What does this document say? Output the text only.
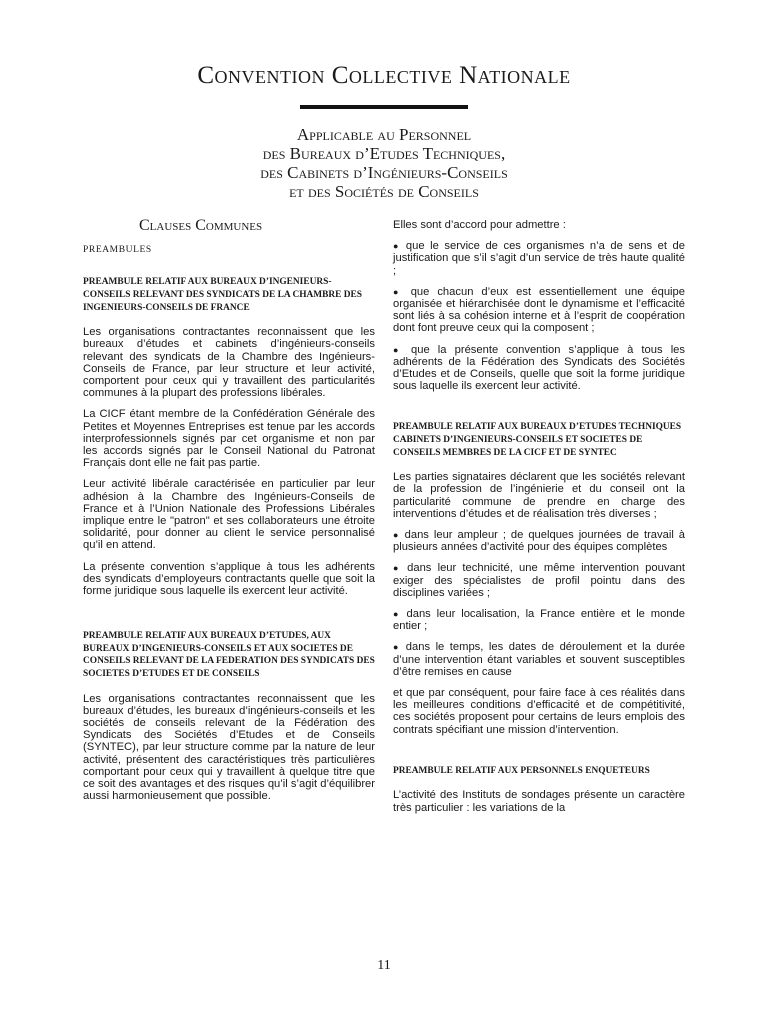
Convention Collective Nationale
Applicable au Personnel
des Bureaux d’Etudes Techniques,
des Cabinets d’Ingénieurs-Conseils
et des Sociétés de Conseils
Clauses Communes
PREAMBULES
PREAMBULE RELATIF AUX BUREAUX D’INGENIEURS-CONSEILS RELEVANT DES SYNDICATS DE LA CHAMBRE DES INGENIEURS-CONSEILS DE FRANCE

Les organisations contractantes reconnaissent que les bureaux d’études et cabinets d’ingénieurs-conseils relevant des syndicats de la Chambre des Ingénieurs-Conseils de France, par leur structure et leur activité, comportent pour ceux qui y travaillent des particularités communes à la plupart des professions libérales.

La CICF étant membre de la Confédération Générale des Petites et Moyennes Entreprises est tenue par les accords interprofessionnels signés par cet organisme et non par les accords signés par le Conseil National du Patronat Français dont elle ne fait pas partie.

Leur activité libérale caractérisée en particulier par leur adhésion à la Chambre des Ingénieurs-Conseils de France et à l’Union Nationale des Professions Libérales implique entre le "patron" et ses collaborateurs une étroite solidarité, pour donner au client le service personnalisé qu’il en attend.

La présente convention s’applique à tous les adhérents des syndicats d’employeurs contractants quelle que soit la forme juridique sous laquelle ils exercent leur activité.

PREAMBULE RELATIF AUX BUREAUX D’ETUDES, AUX BUREAUX D’INGENIEURS-CONSEILS ET AUX SOCIETES DE CONSEILS RELEVANT DE LA FEDERATION DES SYNDICATS DES SOCIETES D’ETUDES ET DE CONSEILS

Les organisations contractantes reconnaissent que les bureaux d’études, les bureaux d’ingénieurs-conseils et les sociétés de conseils relevant de la Fédération des Syndicats des Sociétés d’Etudes et de Conseils (SYNTEC), par leur structure comme par la nature de leur activité, présentent des caractéristiques très particulières comportant pour ceux qui y travaillent à quelque titre que ce soit des avantages et des risques qu’il s’agit d’équilibrer aussi harmonieusement que possible.

Elles sont d’accord pour admettre :

● que le service de ces organismes n’a de sens et de justification que s’il s’agit d’un service de très haute qualité ;
● que chacun d’eux est essentiellement une équipe organisée et hiérarchisée dont le dynamisme et l’efficacité sont liés à sa cohésion interne et à l’esprit de coopération dont font preuve ceux qui la composent ;
● que la présente convention s’applique à tous les adhérents de la Fédération des Syndicats des Sociétés d’Etudes et de Conseils, quelle que soit la forme juridique sous laquelle ils exercent leur activité.
PREAMBULE RELATIF AUX BUREAUX D’ETUDES TECHNIQUES CABINETS D’INGENIEURS-CONSEILS ET SOCIETES DE CONSEILS MEMBRES DE LA CICF ET DE SYNTEC

Les parties signataires déclarent que les sociétés relevant de la profession de l’ingénierie et du conseil ont la particularité commune de prendre en charge des interventions d’études et de réalisation très diverses ;

● dans leur ampleur ; de quelques journées de travail à plusieurs années d’activité pour des équipes complètes
● dans leur technicité, une même intervention pouvant exiger des spécialistes de profil pointu dans des disciplines variées ;
● dans leur localisation, la France entière et le monde entier ;
● dans le temps, les dates de déroulement et la durée d’une intervention étant variables et souvent susceptibles d’être remises en cause

et que par conséquent, pour faire face à ces réalités dans les meilleures conditions d’efficacité et de compétitivité, ces sociétés proposent pour certains de leurs emplois des contrats spécifiant une mission d’intervention.

PREAMBULE RELATIF AUX PERSONNELS ENQUETEURS

L’activité des Instituts de sondages présente un caractère très particulier : les variations de la

11
